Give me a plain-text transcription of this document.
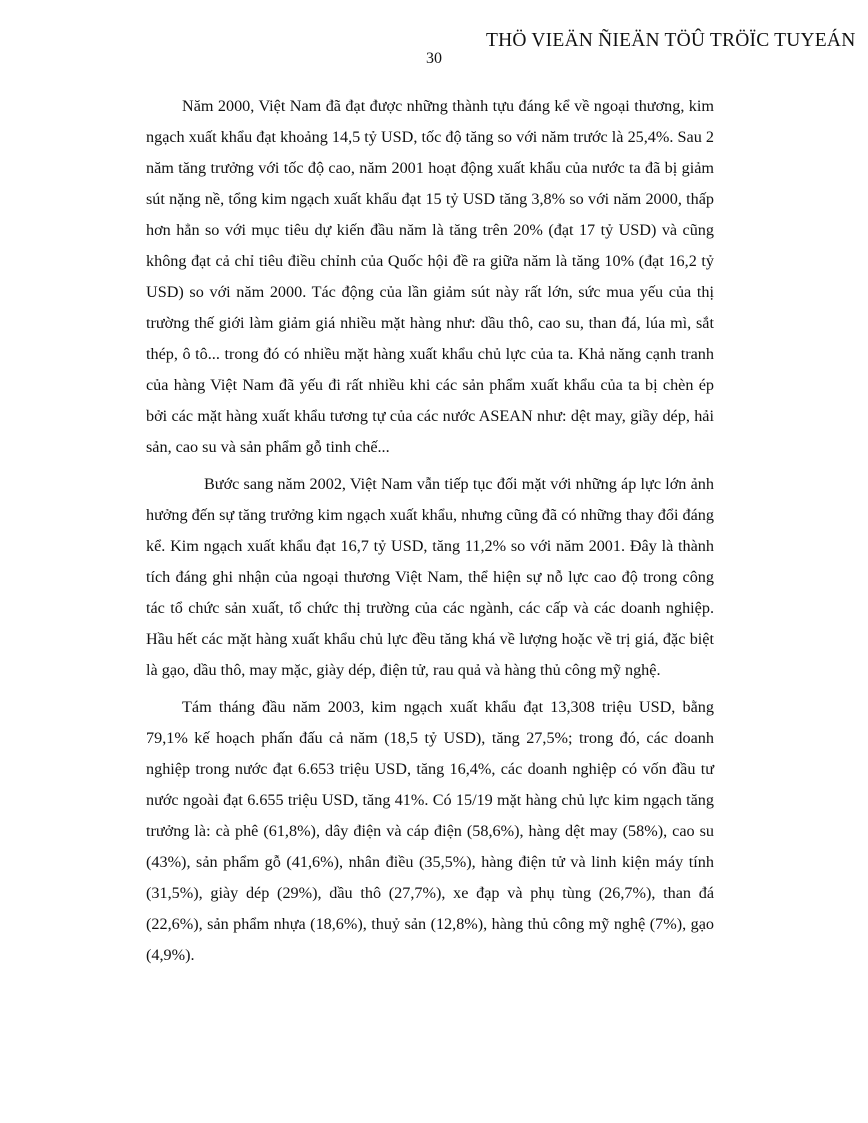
THÖ VIEÄN ÑIEÄN TÖÛ TRÖÏC TUYEÁN
30

Năm 2000, Việt Nam đã đạt được những thành tựu đáng kể về ngoại thương, kim ngạch xuất khẩu đạt khoảng 14,5 tỷ USD, tốc độ tăng so với năm trước là 25,4%. Sau 2 năm tăng trưởng với tốc độ cao, năm 2001 hoạt động xuất khẩu của nước ta đã bị giảm sút nặng nề, tổng kim ngạch xuất khẩu đạt 15 tỷ USD tăng 3,8% so với năm 2000, thấp hơn hẳn so với mục tiêu dự kiến đầu năm là tăng trên 20% (đạt 17 tỷ USD) và cũng không đạt cả chỉ tiêu điều chỉnh của Quốc hội đề ra giữa năm là tăng 10% (đạt 16,2 tỷ USD) so với năm 2000. Tác động của lần giảm sút này rất lớn, sức mua yếu của thị trường thế giới làm giảm giá nhiều mặt hàng như: dầu thô, cao su, than đá, lúa mì, sắt thép, ô tô... trong đó có nhiều mặt hàng xuất khẩu chủ lực của ta. Khả năng cạnh tranh của hàng Việt Nam đã yếu đi rất nhiều khi các sản phẩm xuất khẩu của ta bị chèn ép bởi các mặt hàng xuất khẩu tương tự của các nước ASEAN như: dệt may, giầy dép, hải sản, cao su và sản phẩm gỗ tinh chế...

Bước sang năm 2002, Việt Nam vẫn tiếp tục đối mặt với những áp lực lớn ảnh hưởng đến sự tăng trưởng kim ngạch xuất khẩu, nhưng cũng đã có những thay đổi đáng kể. Kim ngạch xuất khẩu đạt 16,7 tỷ USD, tăng 11,2% so với năm 2001. Đây là thành tích đáng ghi nhận của ngoại thương Việt Nam, thể hiện sự nỗ lực cao độ trong công tác tổ chức sản xuất, tổ chức thị trường của các ngành, các cấp và các doanh nghiệp. Hầu hết các mặt hàng xuất khẩu chủ lực đều tăng khá về lượng hoặc về trị giá, đặc biệt là gạo, dầu thô, may mặc, giày dép, điện tử, rau quả và hàng thủ công mỹ nghệ.

Tám tháng đầu năm 2003, kim ngạch xuất khẩu đạt 13,308 triệu USD, bằng 79,1% kế hoạch phấn đấu cả năm (18,5 tỷ USD), tăng 27,5%; trong đó, các doanh nghiệp trong nước đạt 6.653 triệu USD, tăng 16,4%, các doanh nghiệp có vốn đầu tư nước ngoài đạt 6.655 triệu USD, tăng 41%. Có 15/19 mặt hàng chủ lực kim ngạch tăng trưởng là: cà phê (61,8%), dây điện và cáp điện (58,6%), hàng dệt may (58%), cao su (43%), sản phẩm gỗ (41,6%), nhân điều (35,5%), hàng điện tử và linh kiện máy tính (31,5%), giày dép (29%), dầu thô (27,7%), xe đạp và phụ tùng (26,7%), than đá (22,6%), sản phẩm nhựa (18,6%), thuỷ sản (12,8%), hàng thủ công mỹ nghệ (7%), gạo (4,9%).
